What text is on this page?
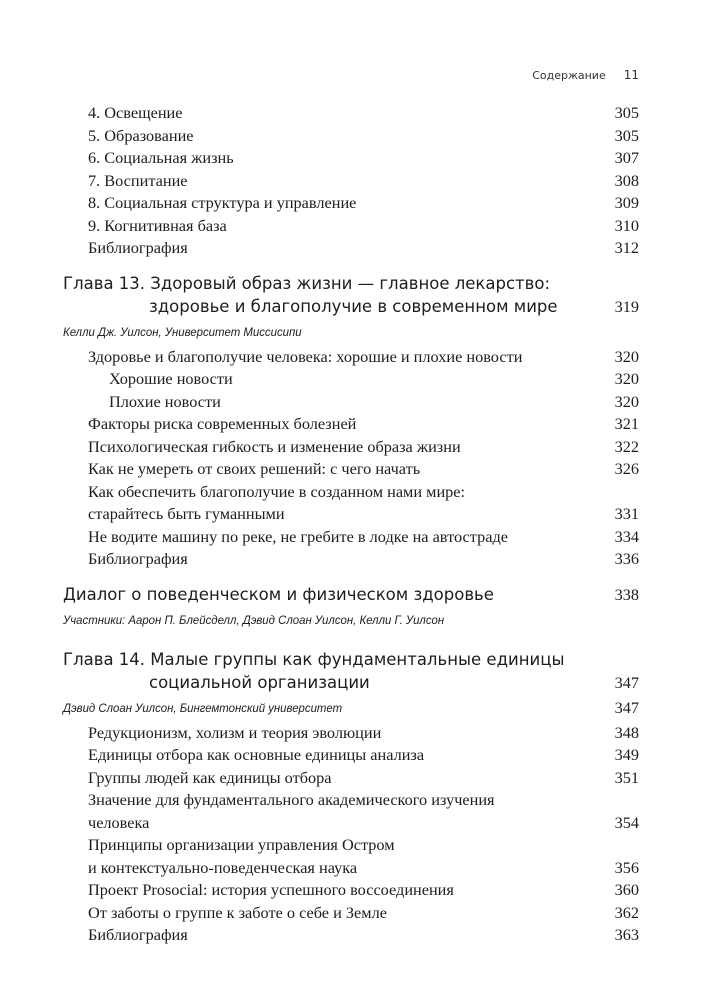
Содержание 11
4. Освещение	305
5. Образование	305
6. Социальная жизнь	307
7. Воспитание	308
8. Социальная структура и управление	309
9. Когнитивная база	310
Библиография	312
Глава 13. Здоровый образ жизни — главное лекарство:
здоровье и благополучие в современном мире	319
Келли Дж. Уилсон, Университет Миссисипи
Здоровье и благополучие человека: хорошие и плохие новости	320
Хорошие новости	320
Плохие новости	320
Факторы риска современных болезней	321
Психологическая гибкость и изменение образа жизни	322
Как не умереть от своих решений: с чего начать	326
Как обеспечить благополучие в созданном нами мире:
старайтесь быть гуманными	331
Не водите машину по реке, не гребите в лодке на автостраде	334
Библиография	336
Диалог о поведенческом и физическом здоровье	338
Участники: Аарон П. Блейсделл, Дэвид Слоан Уилсон, Келли Г. Уилсон
Глава 14. Малые группы как фундаментальные единицы
социальной организации	347
Дэвид Слоан Уилсон, Бингемтонский университет	347
Редукционизм, холизм и теория эволюции	348
Единицы отбора как основные единицы анализа	349
Группы людей как единицы отбора	351
Значение для фундаментального академического изучения
человека	354
Принципы организации управления Остром
и контекстуально-поведенческая наука	356
Проект Prosocial: история успешного воссоединения	360
От заботы о группе к заботе о себе и Земле	362
Библиография	363
